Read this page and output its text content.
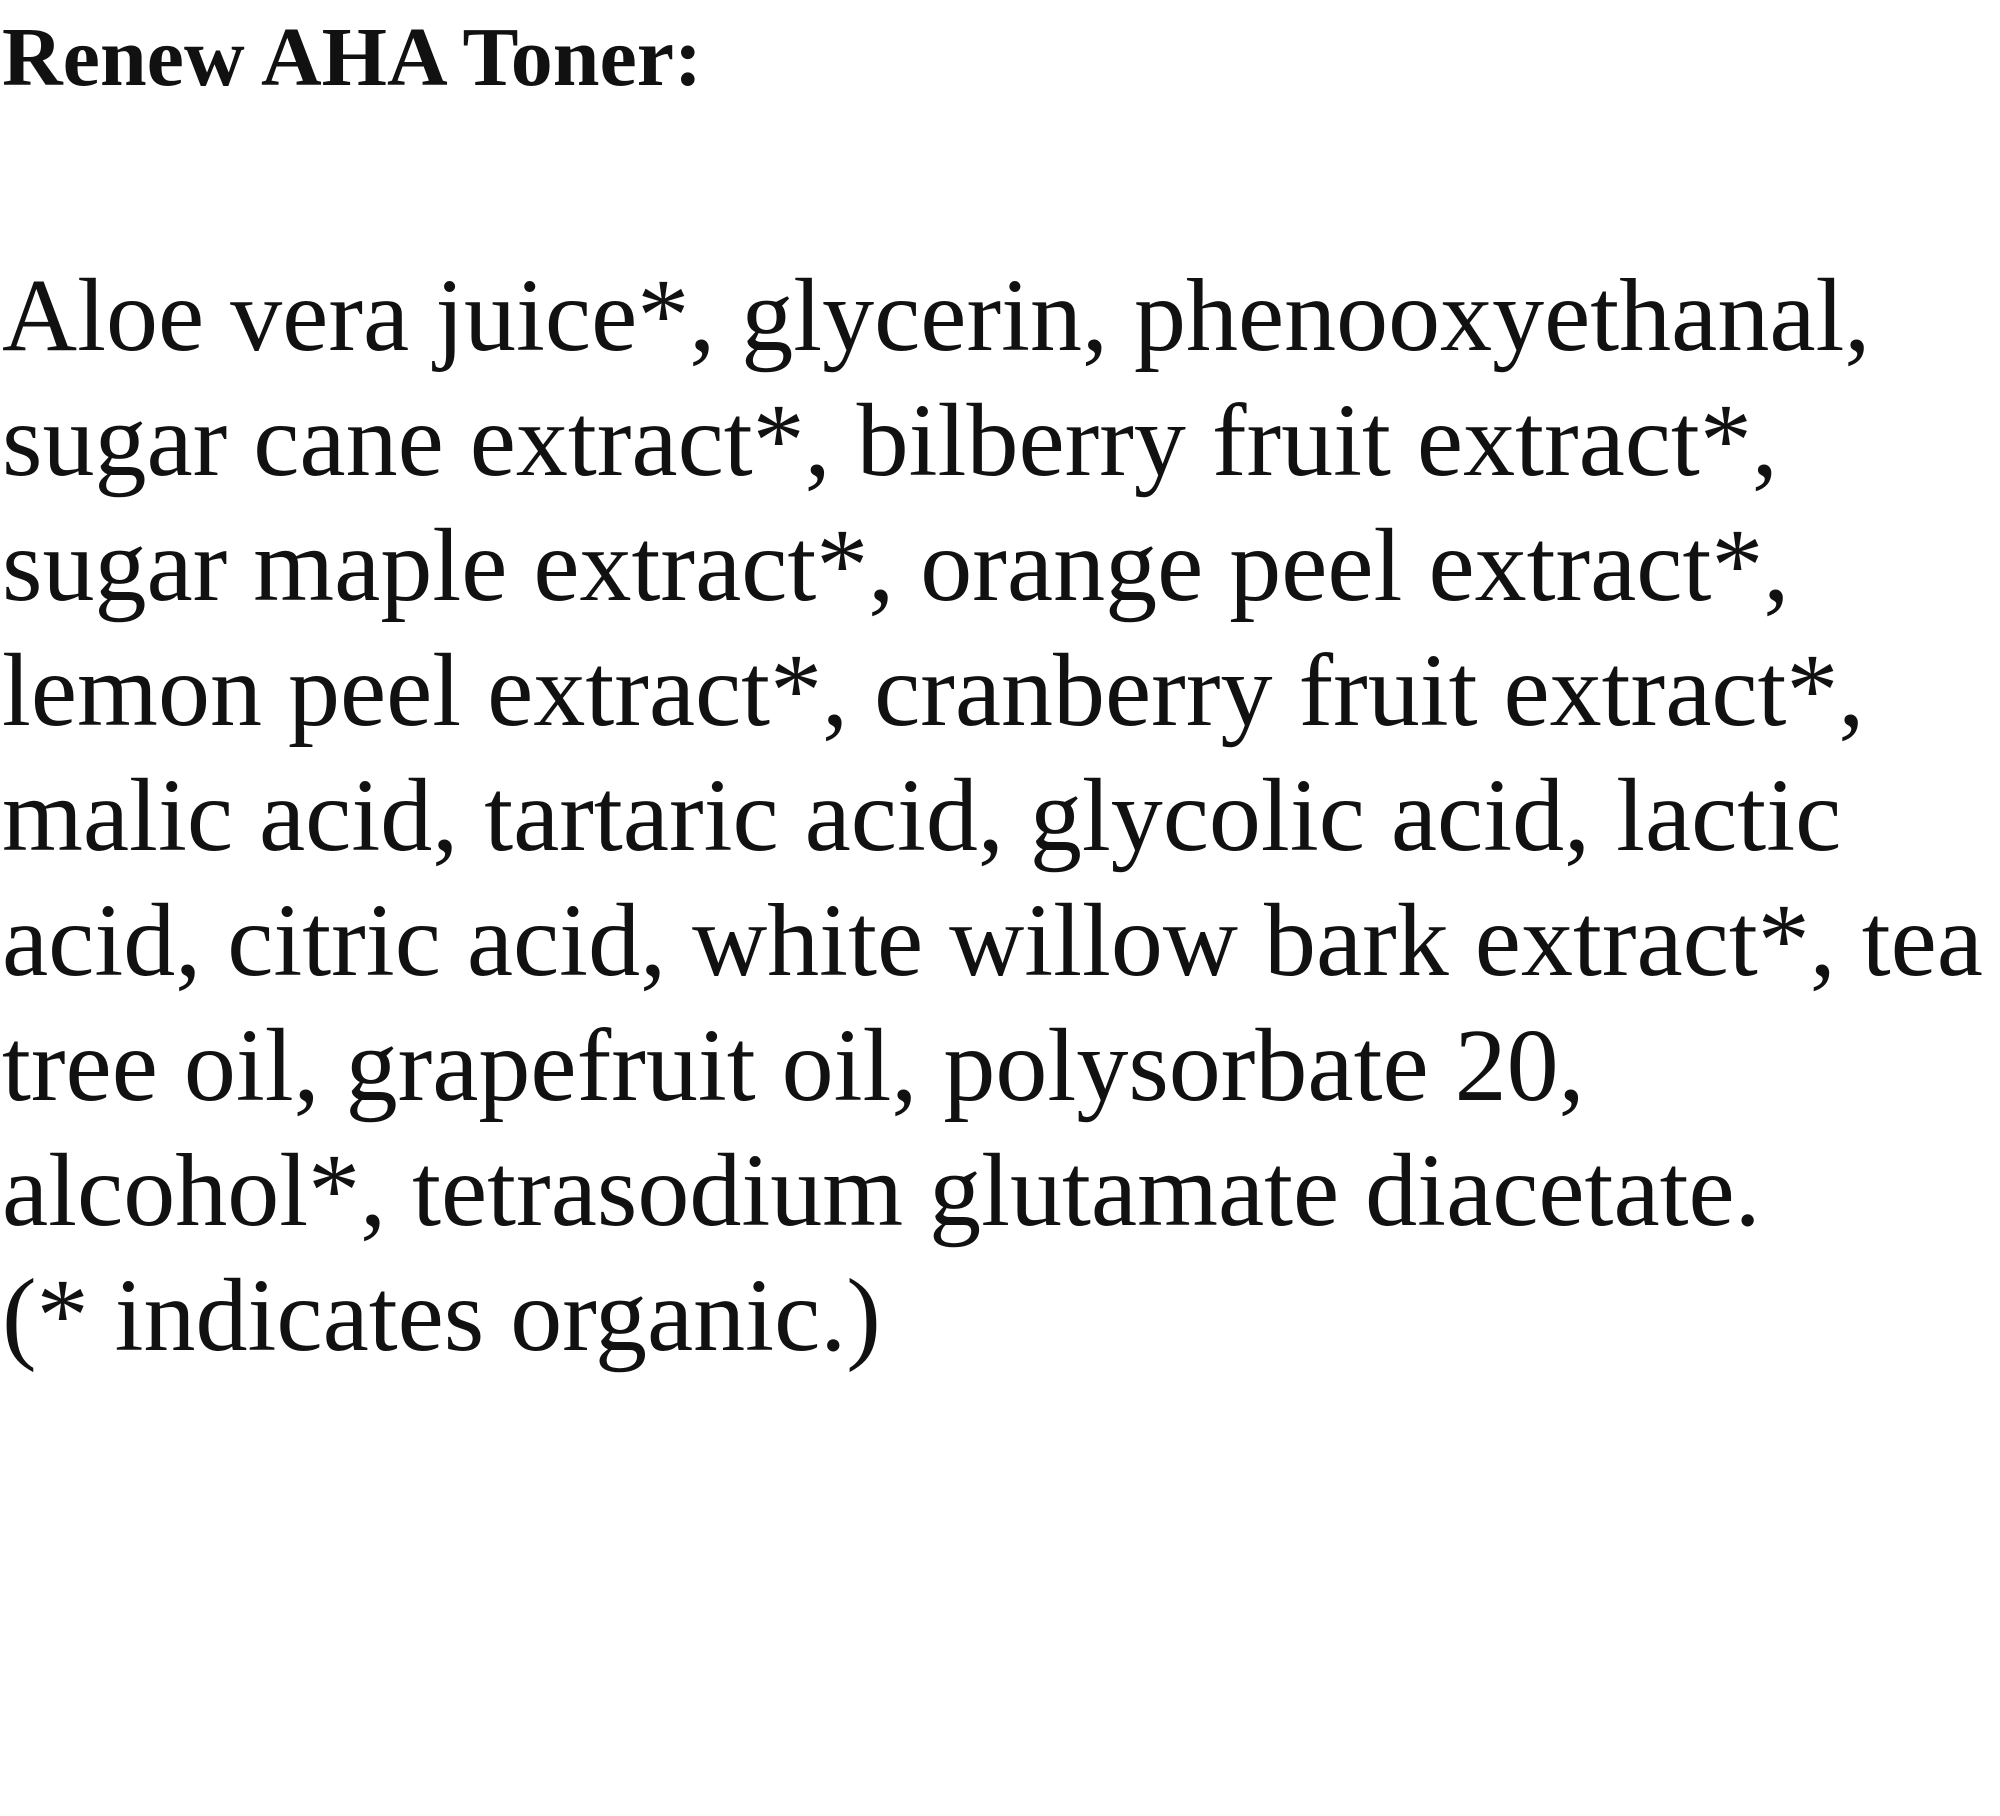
Renew AHA Toner:

Aloe vera juice*, glycerin, phenooxyethanal,
sugar cane extract*, bilberry fruit extract*,
sugar maple extract*, orange peel extract*,
lemon peel extract*, cranberry fruit extract*,
malic acid, tartaric acid, glycolic acid, lactic
acid, citric acid, white willow bark extract*, tea
tree oil, grapefruit oil, polysorbate 20,
alcohol*, tetrasodium glutamate diacetate.
(* indicates organic.)
